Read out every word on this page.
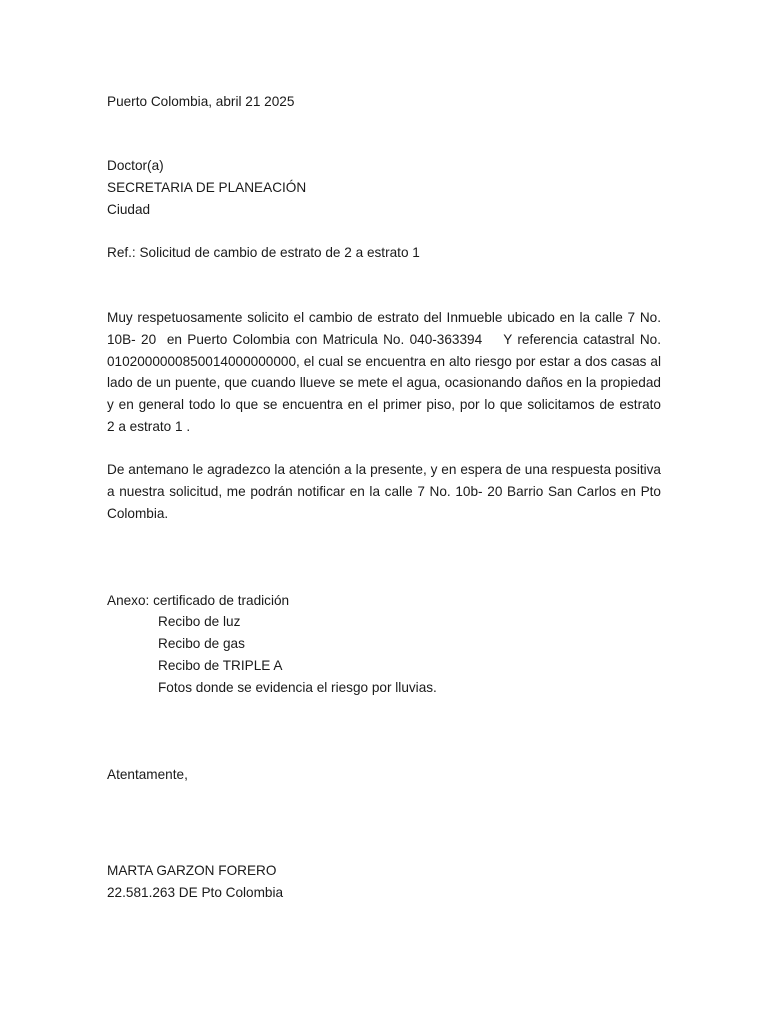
Puerto Colombia, abril 21 2025
Doctor(a)
SECRETARIA DE PLANEACIÓN
Ciudad
Ref.: Solicitud de cambio de estrato de 2 a estrato 1
Muy respetuosamente solicito el cambio de estrato del Inmueble ubicado en la calle 7 No.
10B- 20  en Puerto Colombia con Matricula No. 040-363394    Y referencia catastral No.
0102000000850014000000000, el cual se encuentra en alto riesgo por estar a dos casas al
lado de un puente, que cuando llueve se mete el agua, ocasionando daños en la propiedad
y en general todo lo que se encuentra en el primer piso, por lo que solicitamos de estrato
2 a estrato 1 .
De antemano le agradezco la atención a la presente, y en espera de una respuesta positiva
a nuestra solicitud, me podrán notificar en la calle 7 No. 10b- 20 Barrio San Carlos en Pto
Colombia.
Anexo: certificado de tradición
Recibo de luz
Recibo de gas
Recibo de TRIPLE A
Fotos donde se evidencia el riesgo por lluvias.
Atentamente,
MARTA GARZON FORERO
22.581.263 DE Pto Colombia
